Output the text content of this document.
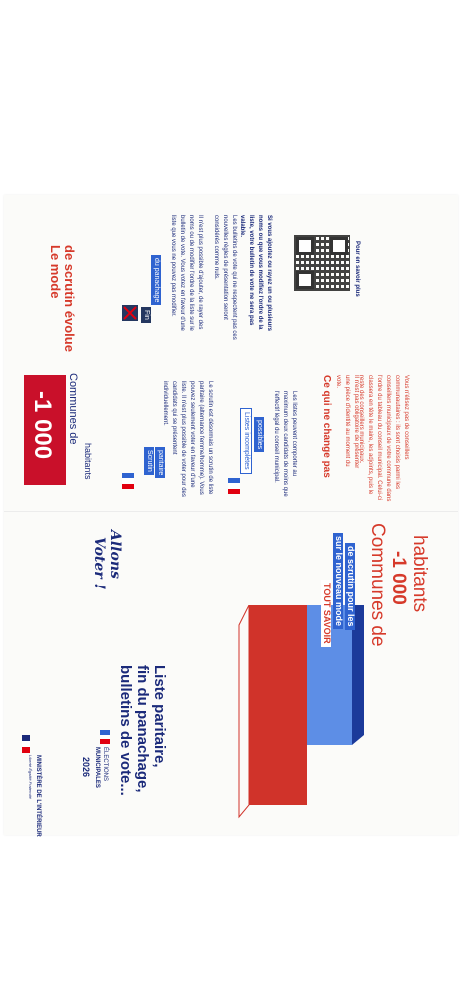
MINISTÈRE DE L'INTÉRIEUR
Liberté Égalité Fraternité	ÉLECTIONS
MUNICIPALES
2026	Liste paritaire,
fin du panachage,
bulletins de vote...
Allons
Voter !
TOUT SAVOIR sur le nouveau mode de scrutin pour les Communes de -1 000 habitants
-1 000 Communes de
habitants	Scrutin paritaire	Le scrutin est désormais un scrutin de liste paritaire (alternance femme/homme). Vous pouvez seulement voter en faveur d'une liste. Il n'est plus possible de voter pour des candidats qui se présentent individuellement.
Listes incomplètes possibles	Les listes peuvent comporter au maximum deux candidats de moins que l'effectif légal du conseil municipal.	Ce qui ne change pas	Il n'est pas obligatoire de présenter une pièce d'identité au moment du vote.	Vous n'élisez pas de conseillers communautaires : ils sont choisis parmi les conseillers municipaux de votre commune dans l'ordre du tableau du conseil municipal. Celui-ci classera en tête le maire, les adjoints, puis le reste des conseillers municipaux.
Le mode de scrutin évolue	Fin
du panachage	Il n'est plus possible d'ajouter, de rayer des noms ou de modifier l'ordre de la liste sur le bulletin de vote. Vous votez en faveur d'une liste que vous ne pouvez pas modifier.	Les bulletins de vote qui ne respectent pas ces nouvelles règles de présentation seront considérés comme nuls.	Si vous ajoutez ou rayez un ou plusieurs noms ou que vous modifiez l'ordre de la liste, votre bulletin de vote ne sera pas valable.
Pour en savoir plus
